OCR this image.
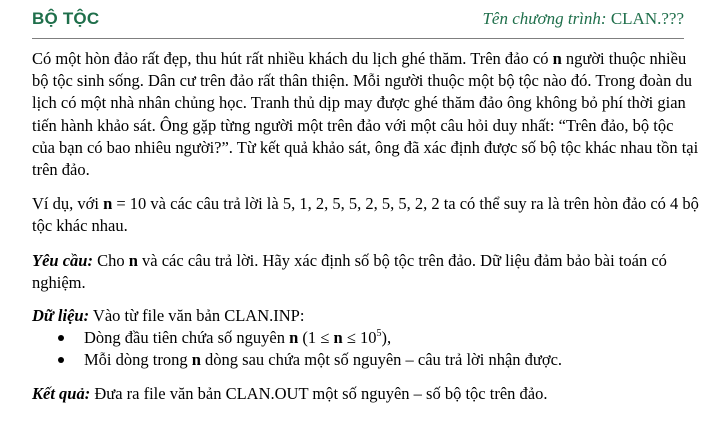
BỘ TỘC	Tên chương trình: CLAN.???

Có một hòn đảo rất đẹp, thu hút rất nhiều khách du lịch ghé thăm. Trên đảo có n người thuộc nhiều bộ tộc sinh sống. Dân cư trên đảo rất thân thiện. Mỗi người thuộc một bộ tộc nào đó. Trong đoàn du lịch có một nhà nhân chủng học. Tranh thủ dịp may được ghé thăm đảo ông không bỏ phí thời gian tiến hành khảo sát. Ông gặp từng người một trên đảo với một câu hỏi duy nhất: “Trên đảo, bộ tộc của bạn có bao nhiêu người?”. Từ kết quả khảo sát, ông đã xác định được số bộ tộc khác nhau tồn tại trên đảo.

Ví dụ, với n = 10 và các câu trả lời là 5, 1, 2, 5, 5, 2, 5, 5, 2, 2 ta có thể suy ra là trên hòn đảo có 4 bộ tộc khác nhau.

Yêu cầu: Cho n và các câu trả lời. Hãy xác định số bộ tộc trên đảo. Dữ liệu đảm bảo bài toán có nghiệm.

Dữ liệu: Vào từ file văn bản CLAN.INP:

Dòng đầu tiên chứa số nguyên n $(1 \le n \le 10^5)$,
Mỗi dòng trong n dòng sau chứa một số nguyên – câu trả lời nhận được.

Kết quả: Đưa ra file văn bản CLAN.OUT một số nguyên – số bộ tộc trên đảo.
